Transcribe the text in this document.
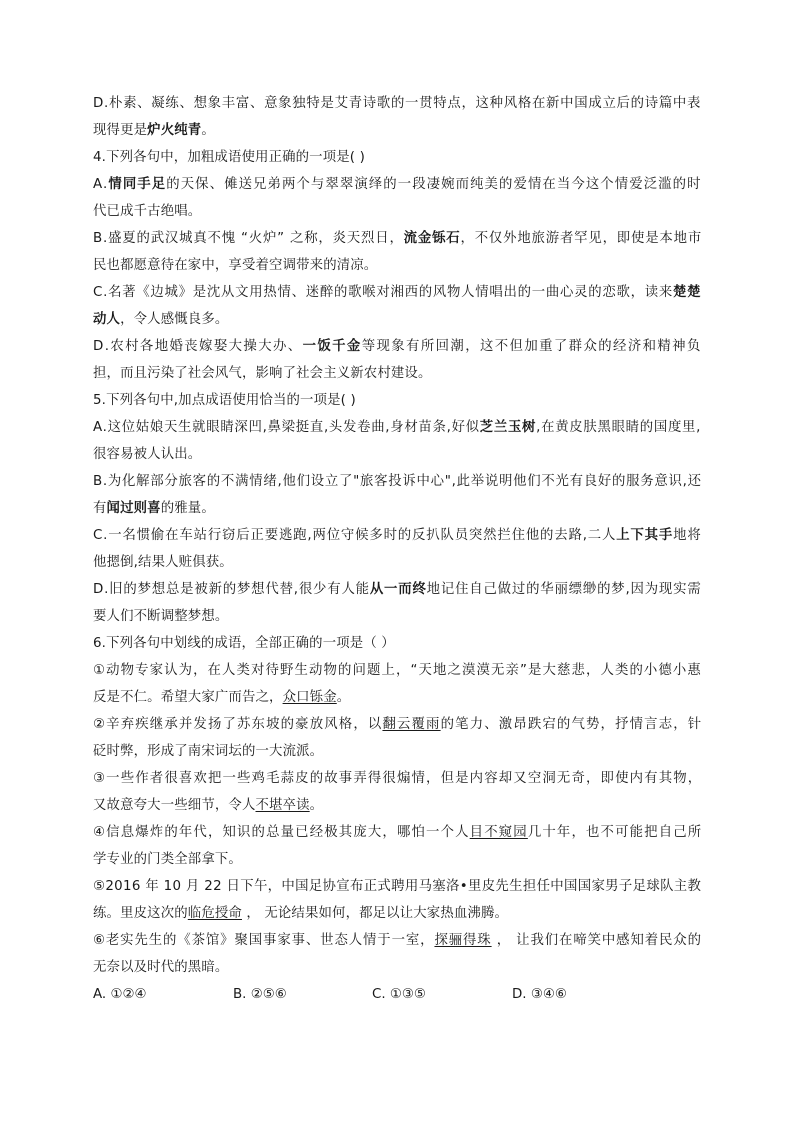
D.朴素、凝练、想象丰富、意象独特是艾青诗歌的一贯特点，这种风格在新中国成立后的诗篇中表
现得更是炉火纯青。
4.下列各句中，加粗成语使用正确的一项是( )
A.情同手足的天保、傩送兄弟两个与翠翠演绎的一段凄婉而纯美的爱情在当今这个情爱泛滥的时
代已成千古绝唱。
B.盛夏的武汉城真不愧 “火炉” 之称，炎天烈日，流金铄石，不仅外地旅游者罕见，即使是本地市
民也都愿意待在家中，享受着空调带来的清凉。
C.名著《边城》是沈从文用热情、迷醉的歌喉对湘西的风物人情唱出的一曲心灵的恋歌，读来楚楚
动人，令人感慨良多。
D.农村各地婚丧嫁娶大操大办、一饭千金等现象有所回潮，这不但加重了群众的经济和精神负
担，而且污染了社会风气，影响了社会主义新农村建设。
5.下列各句中,加点成语使用恰当的一项是( )
A.这位姑娘天生就眼睛深凹,鼻梁挺直,头发卷曲,身材苗条,好似芝兰玉树,在黄皮肤黑眼睛的国度里,
很容易被人认出。
B.为化解部分旅客的不满情绪,他们设立了"旅客投诉中心",此举说明他们不光有良好的服务意识,还
有闻过则喜的雅量。
C.一名惯偷在车站行窃后正要逃跑,两位守候多时的反扒队员突然拦住他的去路,二人上下其手地将
他摁倒,结果人赃俱获。
D.旧的梦想总是被新的梦想代替,很少有人能从一而终地记住自己做过的华丽缥缈的梦,因为现实需
要人们不断调整梦想。
6.下列各句中划线的成语，全部正确的一项是（ ）
①动物专家认为，在人类对待野生动物的问题上，“天地之漠漠无亲”是大慈悲，人类的小德小惠
反是不仁。希望大家广而告之，众口铄金。
②辛弃疾继承并发扬了苏东坡的豪放风格，以翻云覆雨的笔力、激昂跌宕的气势，抒情言志，针
砭时弊，形成了南宋词坛的一大流派。
③一些作者很喜欢把一些鸡毛蒜皮的故事弄得很煽情，但是内容却又空洞无奇，即使内有其物，
又故意夸大一些细节，令人不堪卒读。
④信息爆炸的年代，知识的总量已经极其庞大，哪怕一个人目不窥园几十年，也不可能把自己所
学专业的门类全部拿下。
⑤2016 年 10 月 22 日下午，中国足协宣布正式聘用马塞洛•里皮先生担任中国国家男子足球队主教
练。里皮这次的临危授命 ， 无论结果如何，都足以让大家热血沸腾。
⑥老实先生的《茶馆》聚国事家事、世态人情于一室，探骊得珠 ， 让我们在啼笑中感知着民众的
无奈以及时代的黑暗。
A. ①②④	B. ②⑤⑥	C. ①③⑤	D. ③④⑥
